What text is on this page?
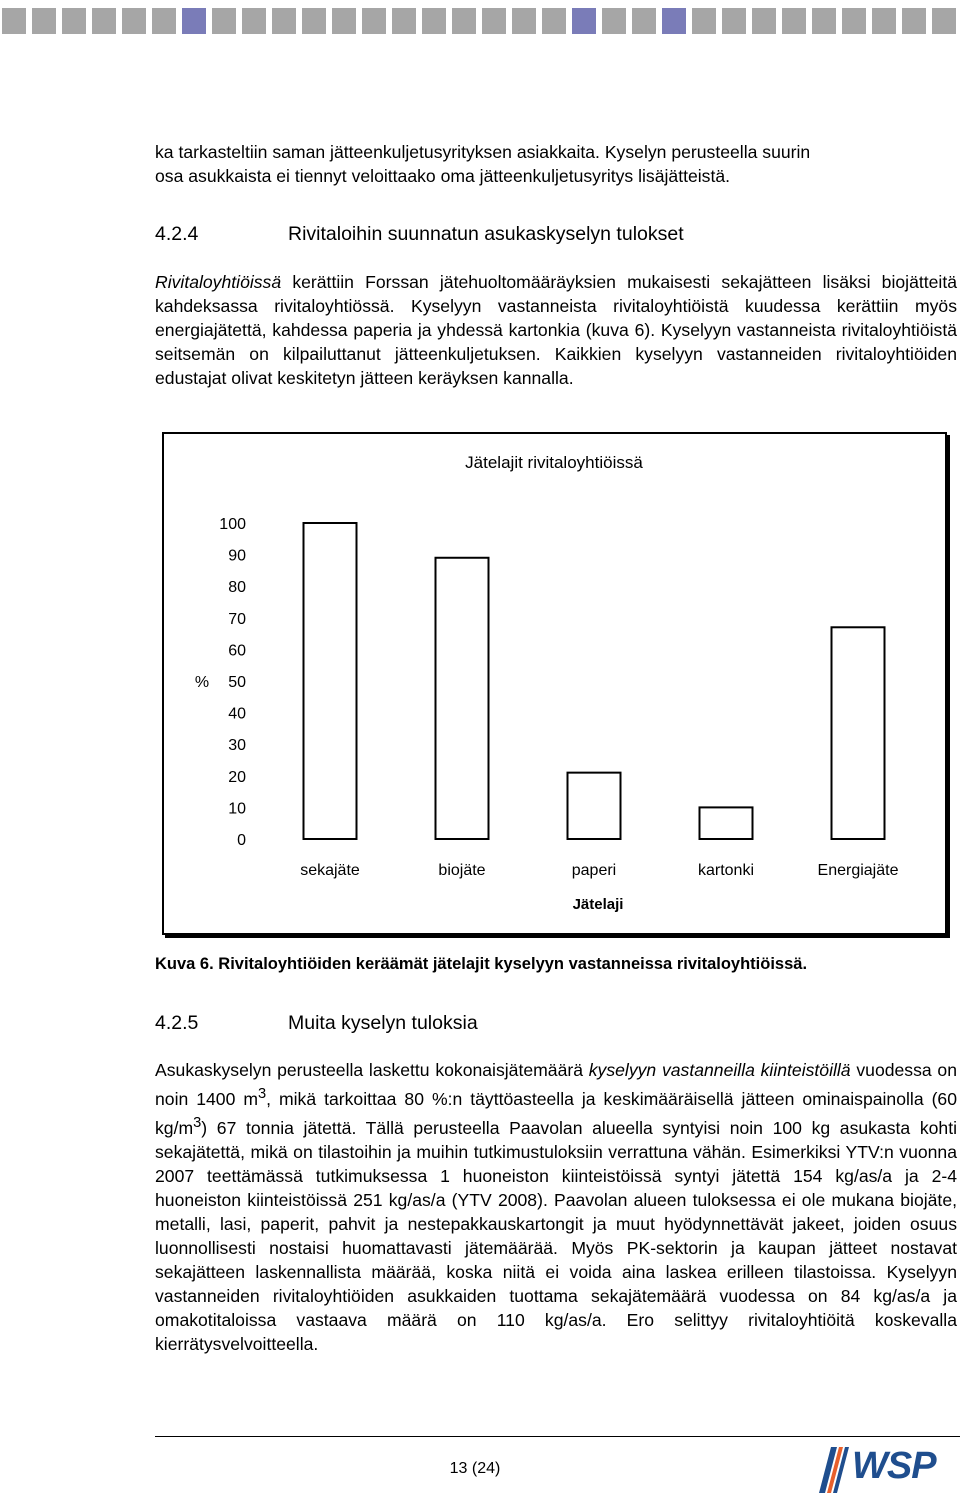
ka tarkasteltiin saman jätteenkuljetusyrityksen asiakkaita. Kyselyn perusteella suurin
osa asukkaista ei tiennyt veloittaako oma jätteenkuljetusyritys lisäjätteistä.
4.2.4	Rivitaloihin suunnatun asukaskyselyn tulokset
Rivitaloyhtiöissä kerättiin Forssan jätehuoltomääräyksien mukaisesti sekajätteen lisäksi biojätteitä kahdeksassa rivitaloyhtiössä. Kyselyyn vastanneista rivitaloyhtiöistä kuudessa kerättiin myös energiajätettä, kahdessa paperia ja yhdessä kartonkia (kuva 6). Kyselyyn vastanneista rivitaloyhtiöistä seitsemän on kilpailuttanut jätteenkuljetuksen. Kaikkien kyselyyn vastanneiden rivitaloyhtiöiden edustajat olivat keskitetyn jätteen keräyksen kannalla.
Jätelajit rivitaloyhtiöissä
0
10
20
30
40
50
60
70
80
90
100
%
sekajäte	biojäte	paperi	kartonki	Energiajäte
Jätelaji
Kuva 6. Rivitaloyhtiöiden keräämät jätelajit kyselyyn vastanneissa rivitaloyhtiöissä.
4.2.5	Muita kyselyn tuloksia
Asukaskyselyn perusteella laskettu kokonaisjätemäärä kyselyyn vastanneilla kiinteistöillä vuodessa on noin 1400 $m^3$, mikä tarkoittaa 80 %:n täyttöasteella ja keskimääräisellä jätteen ominaispainolla (60 $kg/m^3$) 67 tonnia jätettä. Tällä perusteella Paavolan alueella syntyisi noin 100 kg asukasta kohti sekajätettä, mikä on tilastoihin ja muihin tutkimustuloksiin verrattuna vähän. Esimerkiksi YTV:n vuonna 2007 teettämässä tutkimuksessa 1 huoneiston kiinteistöissä syntyi jätettä 154 kg/as/a ja 2-4 huoneiston kiinteistöissä 251 kg/as/a (YTV 2008). Paavolan alueen tuloksessa ei ole mukana biojäte, metalli, lasi, paperit, pahvit ja nestepakkauskartongit ja muut hyödynnettävät jakeet, joiden osuus luonnollisesti nostaisi huomattavasti jätemäärää. Myös PK-sektorin ja kaupan jätteet nostavat sekajätteen laskennallista määrää, koska niitä ei voida aina laskea erilleen tilastoissa. Kyselyyn vastanneiden rivitaloyhtiöiden asukkaiden tuottama sekajätemäärä vuodessa on 84 kg/as/a ja omakotitaloissa vastaava määrä on 110 kg/as/a. Ero selittyy rivitaloyhtiöitä koskevalla kierrätysvelvoitteella.
13 (24)	WSP
